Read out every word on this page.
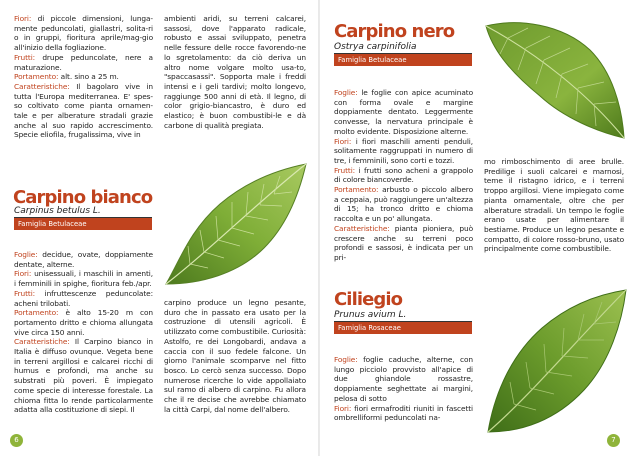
Fiori: di piccole dimensioni, lunga-mente peduncolati, giallastri, solita-ri o in gruppi, fioritura aprile/mag-gio all'inizio della fogliazione.

Frutti: drupe peduncolate, nere a maturazione.

Portamento: alt. sino a 25 m.

Caratteristiche: Il bagolaro vive in tutta l'Europa mediterranea. E' spes-so coltivato come pianta ornamen-tale e per alberature stradali grazie anche al suo rapido accrescimento. Specie eliofila, frugalissima, vive in

ambienti aridi, su terreni calcarei, sassosi, dove l'apparato radicale, robusto e assai sviluppato, penetra nelle fessure delle rocce favorendo-ne lo sgretolamento: da ciò deriva un altro nome volgare molto usa-to, "spaccasassi". Sopporta male i freddi intensi e i geli tardivi; molto longevo, raggiunge 500 anni di età. Il legno, di color grigio-biancastro, è duro ed elastico; è buon combustibi-le e dà carbone di qualità pregiata.

Carpino bianco
Carpinus betulus L.
Famiglia Betulaceae

Foglie: decidue, ovate, doppiamente dentate, alterne.

Fiori: unisessuali, i maschili in amenti, i femminili in spighe, fioritura feb./apr.

Frutti: infruttescenze peduncolate: acheni trilobati.

Portamento: è alto 15-20 m con portamento dritto e chioma allungata vive circa 150 anni.

Caratteristiche: Il Carpino bianco in Italia è diffuso ovunque. Vegeta bene in terreni argillosi e calcarei ricchi di humus e profondi, ma anche su substrati più poveri. È impiegato come specie di interesse forestale. La chioma fitta lo rende particolarmente adatta alla costituzione di siepi. Il

carpino produce un legno pesante, duro che in passato era usato per la costruzione di utensili agricoli. È utilizzato come combustibile. Curiosità: Astolfo, re dei Longobardi, andava a caccia con il suo fedele falcone. Un giorno l'animale scomparve nel fitto bosco. Lo cercò senza successo. Dopo numerose ricerche lo vide appollaiato sul ramo di albero di carpino. Fu allora che il re decise che avrebbe chiamato la città Carpi, dal nome dell'albero.

6
Carpino nero
Ostrya carpinifolia
Famiglia Betulaceae

Foglie: le foglie con apice acuminato con forma ovale e margine doppiamente dentato. Leggermente convesse, la nervatura principale è molto evidente. Disposizione alterne.

Fiori: i fiori maschili amenti penduli, solitamente raggruppati in numero di tre, i femminili, sono corti e tozzi.

Frutti: i frutti sono acheni a grappolo di colore biancoverde.

Portamento: arbusto o piccolo albero a ceppaia, può raggiungere un'altezza di 15; ha tronco dritto e chioma raccolta e un po' allungata.

Caratteristiche: pianta pioniera, può crescere anche su terreni poco profondi e sassosi, è indicata per un pri-

mo rimboschimento di aree brulle. Predilige i suoli calcarei e marnosi, teme il ristagno idrico, e i terreni troppo argillosi. Viene impiegato come pianta ornamentale, oltre che per alberature stradali. Un tempo le foglie erano usate per alimentare il bestiame. Produce un legno pesante e compatto, di colore rosso-bruno, usato principalmente come combustibile.

Ciliegio
Prunus avium L.
Famiglia Rosaceae

Foglie: foglie caduche, alterne, con lungo picciolo provvisto all'apice di due ghiandole rossastre, doppiamente seghettate ai margini, pelosa di sotto

Fiori: fiori ermafroditi riuniti in fascetti ombrelliformi peduncolati na-

7
